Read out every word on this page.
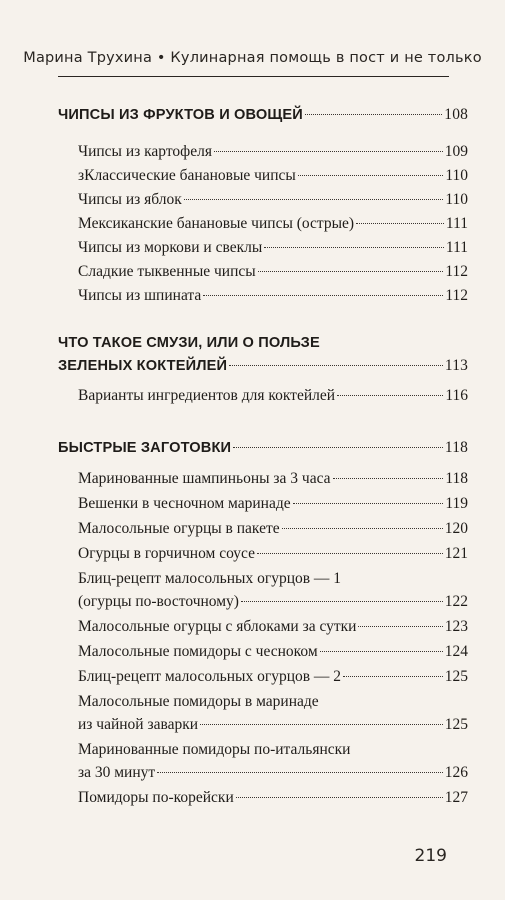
Марина Трухина • Кулинарная помощь в пост и не только
ЧИПСЫ ИЗ ФРУКТОВ И ОВОЩЕЙ	108
Чипсы из картофеля	109
зКлассические банановые чипсы	110
Чипсы из яблок	110
Мексиканские банановые чипсы (острые)	111
Чипсы из моркови и свеклы	111
Сладкие тыквенные чипсы	112
Чипсы из шпината	112
ЧТО ТАКОЕ СМУЗИ, ИЛИ О ПОЛЬЗЕ
ЗЕЛЕНЫХ КОКТЕЙЛЕЙ	113
Варианты ингредиентов для коктейлей	116
БЫСТРЫЕ ЗАГОТОВКИ	118
Маринованные шампиньоны за 3 часа	118
Вешенки в чесночном маринаде	119
Малосольные огурцы в пакете	120
Огурцы в горчичном соусе	121
Блиц-рецепт малосольных огурцов — 1
(огурцы по-восточному)	122
Малосольные огурцы с яблоками за сутки	123
Малосольные помидоры с чесноком	124
Блиц-рецепт малосольных огурцов — 2	125
Малосольные помидоры в маринаде
из чайной заварки	125
Маринованные помидоры по-итальянски
за 30 минут	126
Помидоры по-корейски	127
219
